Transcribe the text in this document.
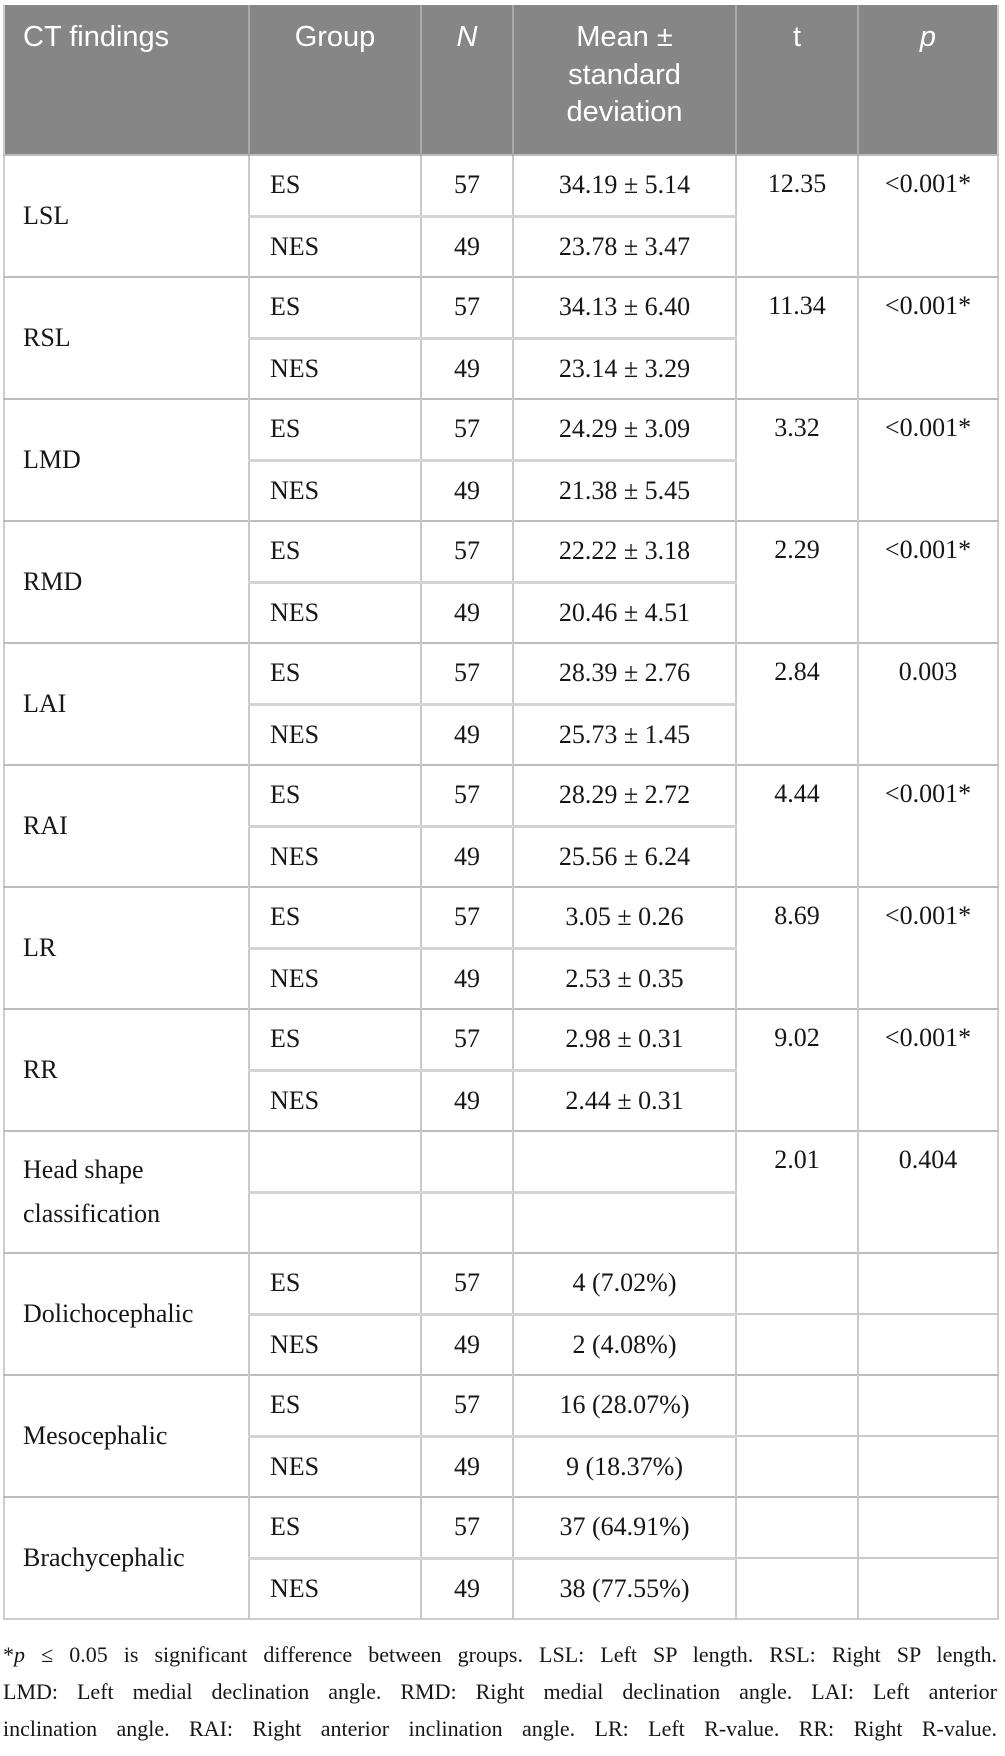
CT findings	Group	N	Mean ± standard deviation	t	p
LSL	ES	57	34.19 ± 5.14	12.35	<0.001*
	NES	49	23.78 ± 3.47		
RSL	ES	57	34.13 ± 6.40	11.34	<0.001*
	NES	49	23.14 ± 3.29		
LMD	ES	57	24.29 ± 3.09	3.32	<0.001*
	NES	49	21.38 ± 5.45		
RMD	ES	57	22.22 ± 3.18	2.29	<0.001*
	NES	49	20.46 ± 4.51		
LAI	ES	57	28.39 ± 2.76	2.84	0.003
	NES	49	25.73 ± 1.45		
RAI	ES	57	28.29 ± 2.72	4.44	<0.001*
	NES	49	25.56 ± 6.24		
LR	ES	57	3.05 ± 0.26	8.69	<0.001*
	NES	49	2.53 ± 0.35		
RR	ES	57	2.98 ± 0.31	9.02	<0.001*
	NES	49	2.44 ± 0.31		
Head shape classification				2.01	0.404

Dolichocephalic	ES	57	4 (7.02%)		
	NES	49	2 (4.08%)		
Mesocephalic	ES	57	16 (28.07%)		
	NES	49	9 (18.37%)		
Brachycephalic	ES	57	37 (64.91%)		
	NES	49	38 (77.55%)		
*p ≤ 0.05 is significant difference between groups. LSL: Left SP length. RSL: Right SP length.
LMD: Left medial declination angle. RMD: Right medial declination angle. LAI: Left anterior
inclination angle. RAI: Right anterior inclination angle. LR: Left R-value. RR: Right R-value.
